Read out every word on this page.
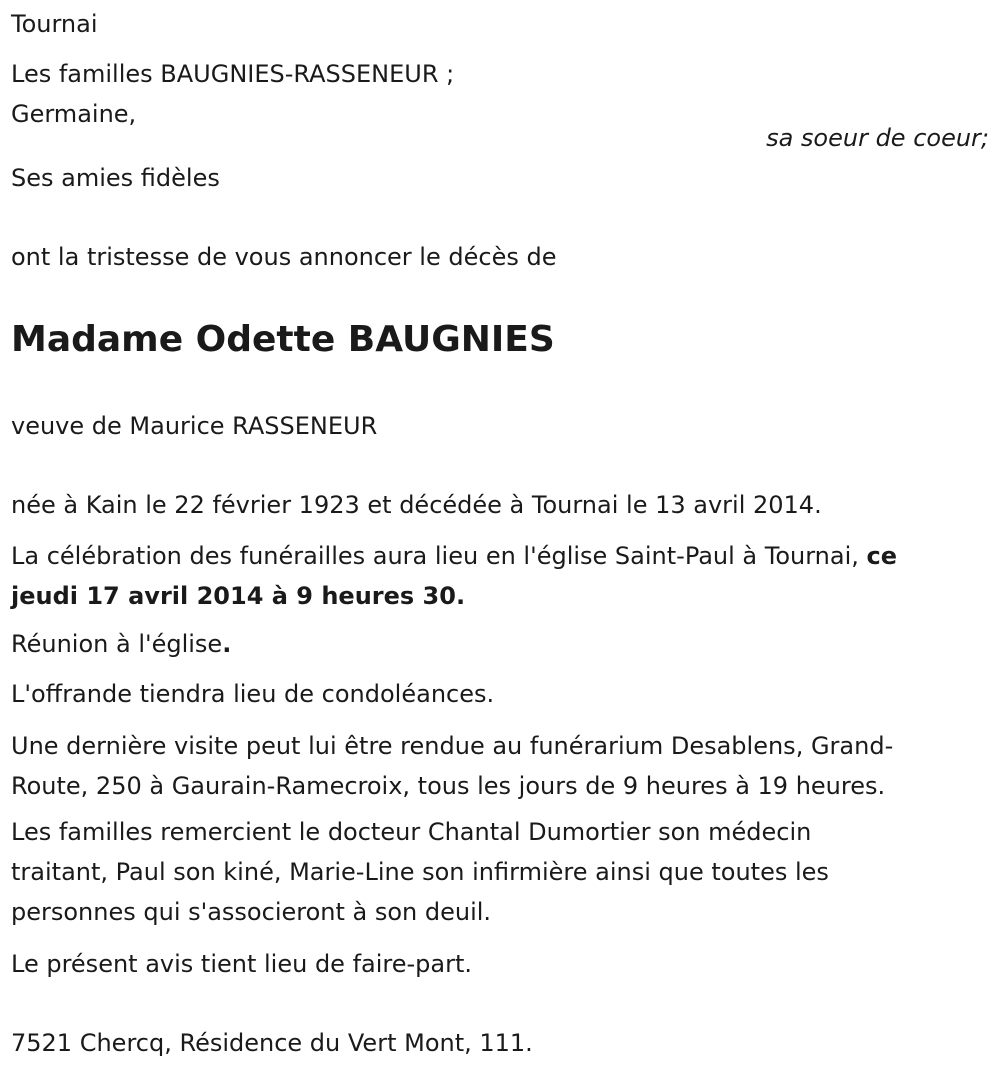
Tournai
Les familles BAUGNIES-RASSENEUR ;
Germaine,
sa soeur de coeur;
Ses amies fidèles
ont la tristesse de vous annoncer le décès de
Madame Odette BAUGNIES
veuve de Maurice RASSENEUR
née à Kain le 22 février 1923 et décédée à Tournai le 13 avril 2014.
La célébration des funérailles aura lieu en l'église Saint-Paul à Tournai, ce
jeudi 17 avril 2014 à 9 heures 30.
Réunion à l'église.
L'offrande tiendra lieu de condoléances.
Une dernière visite peut lui être rendue au funérarium Desablens, Grand-
Route, 250 à Gaurain-Ramecroix, tous les jours de 9 heures à 19 heures.
Les familles remercient le docteur Chantal Dumortier son médecin
traitant, Paul son kiné, Marie-Line son infirmière ainsi que toutes les
personnes qui s'associeront à son deuil.
Le présent avis tient lieu de faire-part.
7521 Chercq, Résidence du Vert Mont, 111.
